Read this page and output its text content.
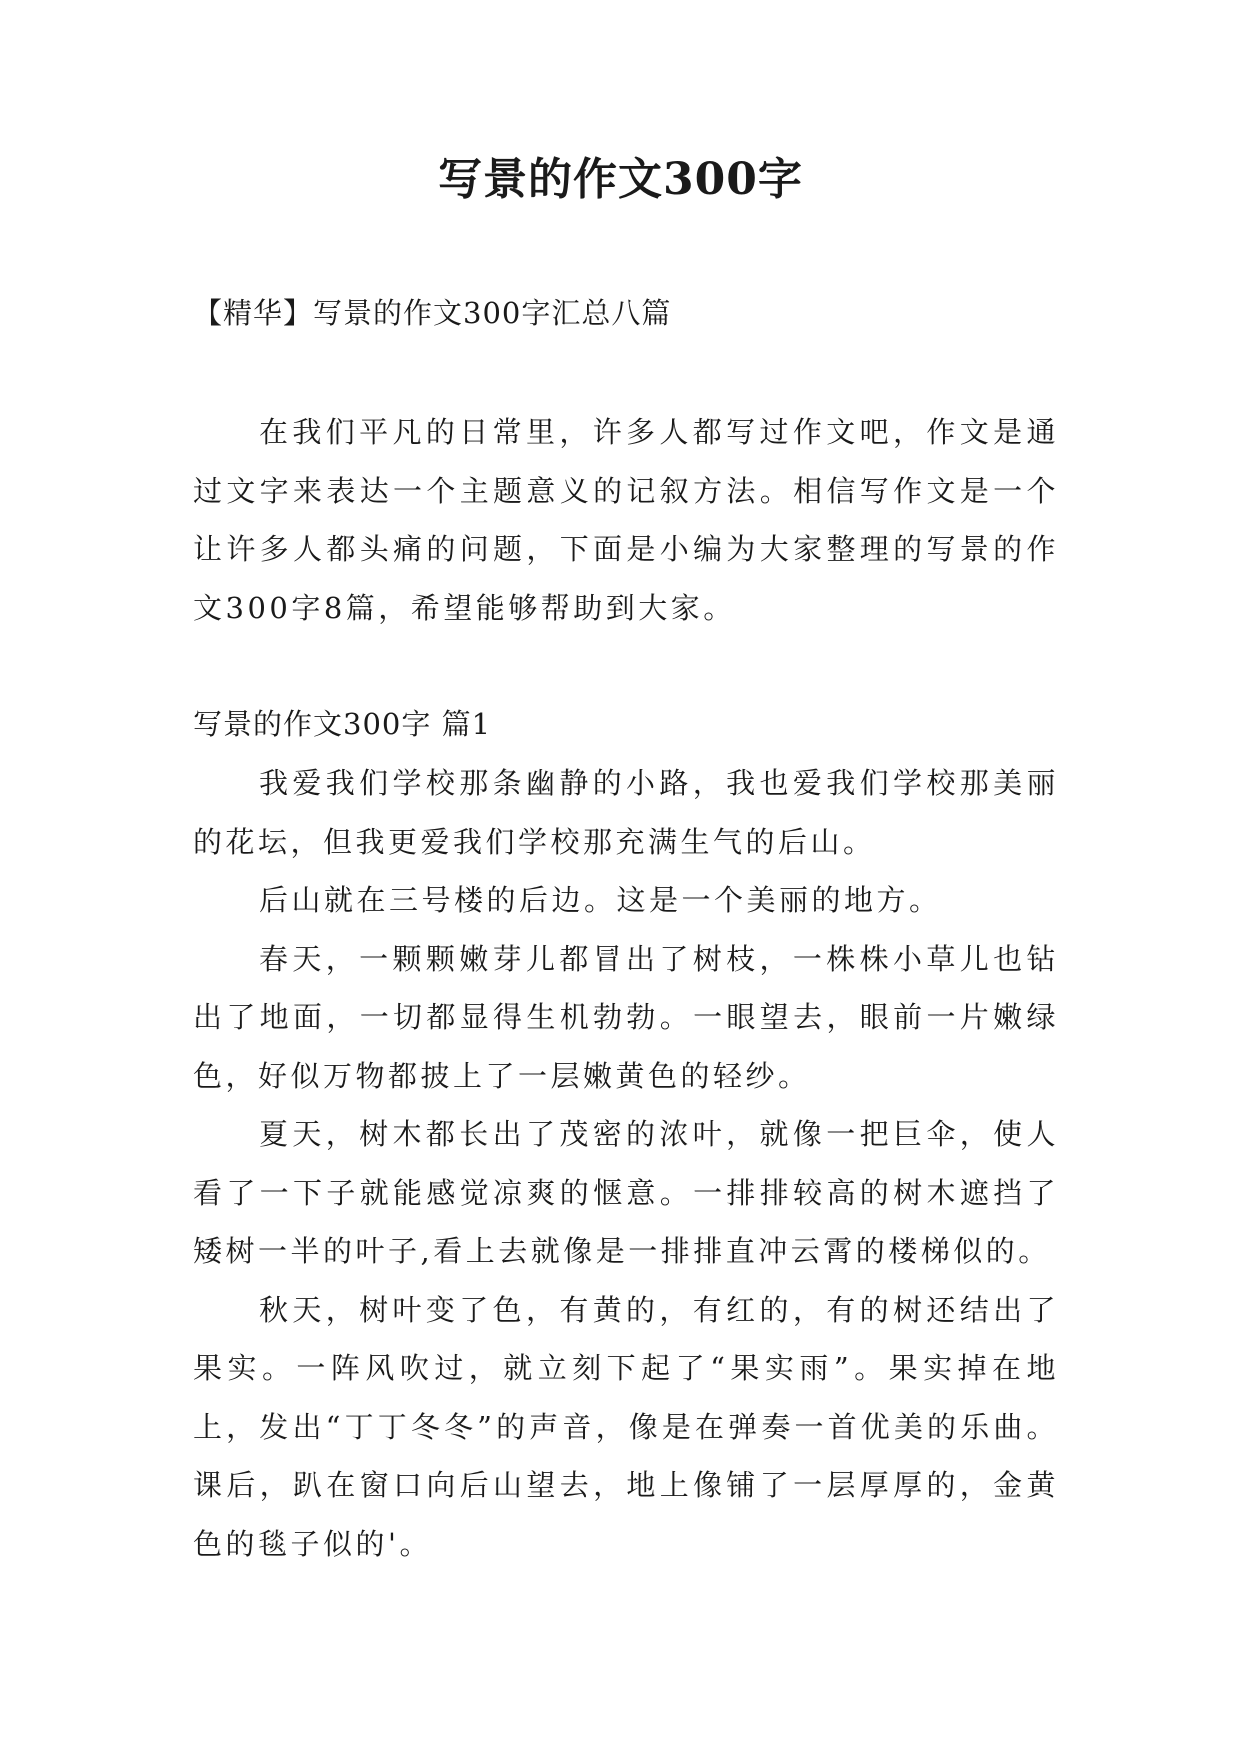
写景的作文300字

【精华】写景的作文300字汇总八篇

在我们平凡的日常里，许多人都写过作文吧，作文是通过文字来表达一个主题意义的记叙方法。相信写作文是一个让许多人都头痛的问题，下面是小编为大家整理的写景的作文300字8篇，希望能够帮助到大家。

写景的作文300字 篇1

我爱我们学校那条幽静的小路，我也爱我们学校那美丽的花坛，但我更爱我们学校那充满生气的后山。

后山就在三号楼的后边。这是一个美丽的地方。

春天，一颗颗嫩芽儿都冒出了树枝，一株株小草儿也钻出了地面，一切都显得生机勃勃。一眼望去，眼前一片嫩绿色，好似万物都披上了一层嫩黄色的轻纱。

夏天，树木都长出了茂密的浓叶，就像一把巨伞，使人看了一下子就能感觉凉爽的惬意。一排排较高的树木遮挡了矮树一半的叶子,看上去就像是一排排直冲云霄的楼梯似的。

秋天，树叶变了色，有黄的，有红的，有的树还结出了果实。一阵风吹过，就立刻下起了“果实雨”。果实掉在地上，发出“丁丁冬冬”的声音，像是在弹奏一首优美的乐曲。课后，趴在窗口向后山望去，地上像铺了一层厚厚的，金黄色的毯子似的'。
